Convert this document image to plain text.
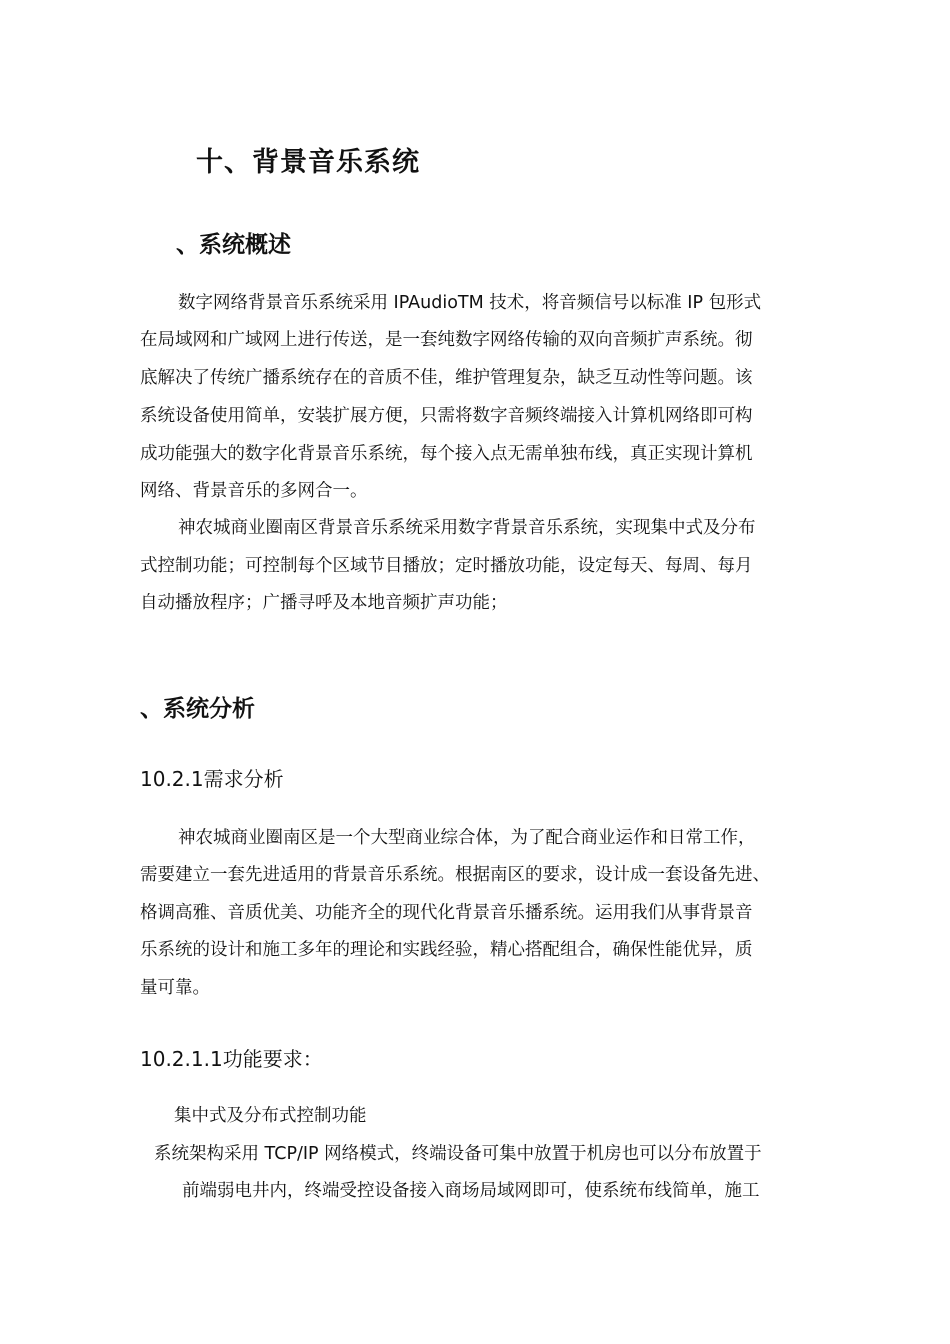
十、背景音乐系统
、系统概述

数字网络背景音乐系统采用 IPAudioTM 技术，将音频信号以标准 IP 包形式

在局域网和广域网上进行传送，是一套纯数字网络传输的双向音频扩声系统。彻

底解决了传统广播系统存在的音质不佳，维护管理复杂，缺乏互动性等问题。该

系统设备使用简单，安装扩展方便，只需将数字音频终端接入计算机网络即可构

成功能强大的数字化背景音乐系统，每个接入点无需单独布线，真正实现计算机

网络、背景音乐的多网合一。

神农城商业圈南区背景音乐系统采用数字背景音乐系统，实现集中式及分布

式控制功能；可控制每个区域节目播放；定时播放功能，设定每天、每周、每月

自动播放程序；广播寻呼及本地音频扩声功能；

、系统分析
10.2.1需求分析

神农城商业圈南区是一个大型商业综合体，为了配合商业运作和日常工作，

需要建立一套先进适用的背景音乐系统。根据南区的要求，设计成一套设备先进、

格调高雅、音质优美、功能齐全的现代化背景音乐播系统。运用我们从事背景音

乐系统的设计和施工多年的理论和实践经验，精心搭配组合，确保性能优异，质

量可靠。

10.2.1.1功能要求：

集中式及分布式控制功能

系统架构采用 TCP/IP 网络模式，终端设备可集中放置于机房也可以分布放置于

前端弱电井内，终端受控设备接入商场局域网即可，使系统布线简单，施工
